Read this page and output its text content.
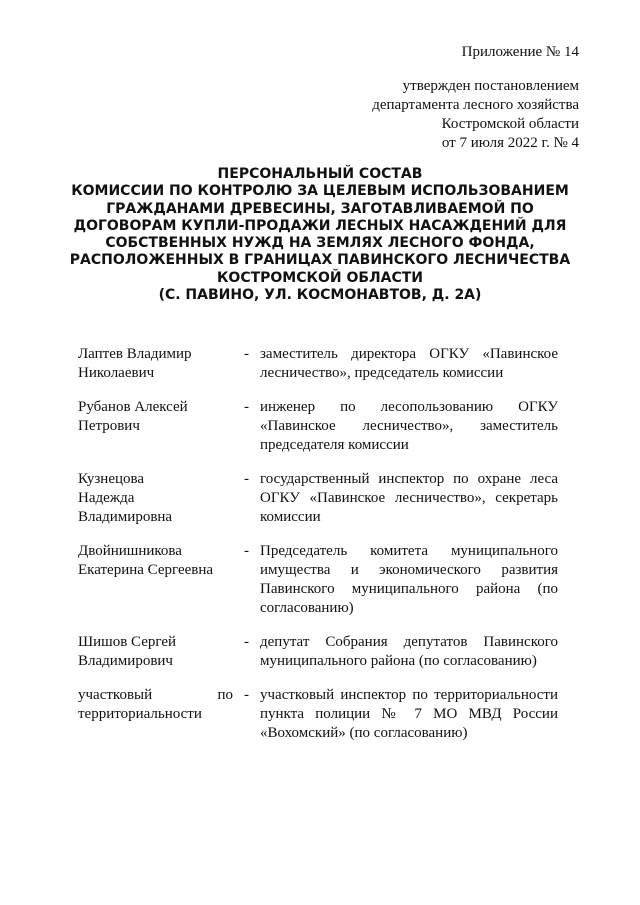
Приложение № 14
утвержден постановлением
департамента лесного хозяйства
Костромской области
от 7 июля 2022 г. № 4
ПЕРСОНАЛЬНЫЙ СОСТАВ
КОМИССИИ ПО КОНТРОЛЮ ЗА ЦЕЛЕВЫМ ИСПОЛЬЗОВАНИЕМ
ГРАЖДАНАМИ ДРЕВЕСИНЫ, ЗАГОТАВЛИВАЕМОЙ ПО
ДОГОВОРАМ КУПЛИ-ПРОДАЖИ ЛЕСНЫХ НАСАЖДЕНИЙ ДЛЯ
СОБСТВЕННЫХ НУЖД НА ЗЕМЛЯХ ЛЕСНОГО ФОНДА,
РАСПОЛОЖЕННЫХ В ГРАНИЦАХ ПАВИНСКОГО ЛЕСНИЧЕСТВА
КОСТРОМСКОЙ ОБЛАСТИ
(С. ПАВИНО, УЛ. КОСМОНАВТОВ, Д. 2А)
Лаптев Владимир Николаевич
- заместитель директора ОГКУ «Павинское лесничество», председатель комиссии
Рубанов Алексей Петрович
- инженер по лесопользованию ОГКУ «Павинское лесничество», заместитель председателя комиссии
Кузнецова Надежда Владимировна
- государственный инспектор по охране леса ОГКУ «Павинское лесничество», секретарь комиссии
Двойнишникова Екатерина Сергеевна
- Председатель комитета муниципального имущества и экономического развития Павинского муниципального района (по согласованию)
Шишов Сергей Владимирович
- депутат Собрания депутатов Павинского муниципального района (по согласованию)
участковый по территориальности
- участковый инспектор по территориальности пункта полиции № 7 МО МВД России «Вохомский» (по согласованию)
